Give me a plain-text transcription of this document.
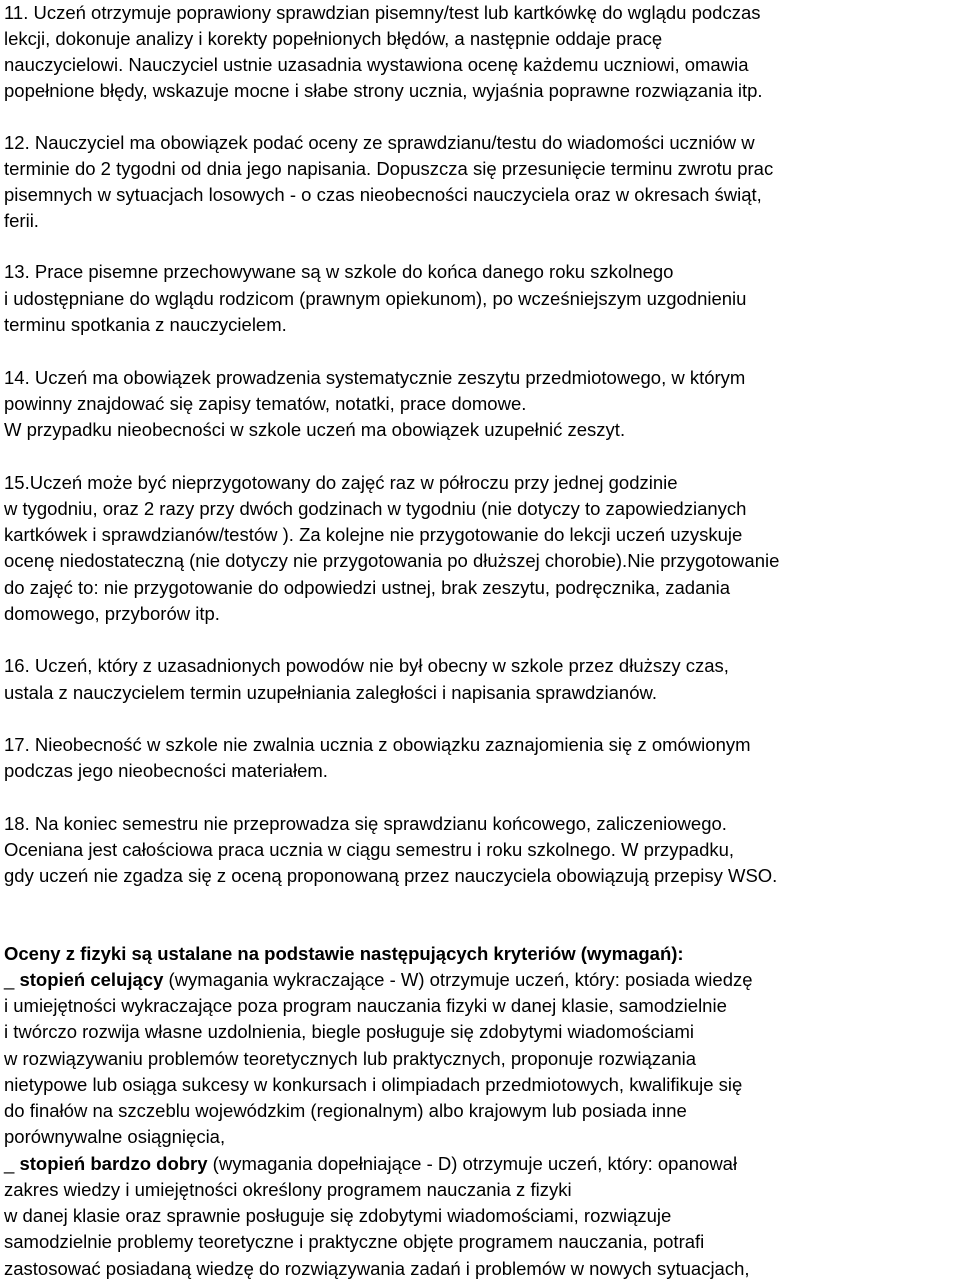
11. Uczeń otrzymuje poprawiony sprawdzian pisemny/test lub kartkówkę do wglądu podczas
lekcji, dokonuje analizy i korekty popełnionych błędów, a następnie oddaje pracę
nauczycielowi. Nauczyciel ustnie uzasadnia wystawiona ocenę każdemu uczniowi, omawia
popełnione błędy, wskazuje mocne i słabe strony ucznia, wyjaśnia poprawne rozwiązania itp.
12. Nauczyciel ma obowiązek podać oceny ze sprawdzianu/testu do wiadomości uczniów w
terminie do 2 tygodni od dnia jego napisania. Dopuszcza się przesunięcie terminu zwrotu prac
pisemnych w sytuacjach losowych - o czas nieobecności nauczyciela oraz w okresach świąt,
ferii.
13. Prace pisemne przechowywane są w szkole do końca danego roku szkolnego
i udostępniane do wglądu rodzicom (prawnym opiekunom), po wcześniejszym uzgodnieniu
terminu spotkania z nauczycielem.
14. Uczeń ma obowiązek prowadzenia systematycznie zeszytu przedmiotowego, w którym
powinny znajdować się zapisy tematów, notatki, prace domowe.
W przypadku nieobecności w szkole uczeń ma obowiązek uzupełnić zeszyt.
15.Uczeń może być nieprzygotowany do zajęć raz w półroczu przy jednej godzinie
w tygodniu, oraz 2 razy przy dwóch godzinach w tygodniu (nie dotyczy to zapowiedzianych
kartkówek i sprawdzianów/testów ). Za kolejne nie przygotowanie do lekcji uczeń uzyskuje
ocenę niedostateczną (nie dotyczy nie przygotowania po dłuższej chorobie).Nie przygotowanie
do zajęć to: nie przygotowanie do odpowiedzi ustnej, brak zeszytu, podręcznika, zadania
domowego, przyborów itp.
16. Uczeń, który z uzasadnionych powodów nie był obecny w szkole przez dłuższy czas,
ustala z nauczycielem termin uzupełniania zaległości i napisania sprawdzianów.
17. Nieobecność w szkole nie zwalnia ucznia z obowiązku zaznajomienia się z omówionym
podczas jego nieobecności materiałem.
18. Na koniec semestru nie przeprowadza się sprawdzianu końcowego, zaliczeniowego.
Oceniana jest całościowa praca ucznia w ciągu semestru i roku szkolnego. W przypadku,
gdy uczeń nie zgadza się z oceną proponowaną przez nauczyciela obowiązują przepisy WSO.
Oceny z fizyki są ustalane na podstawie następujących kryteriów (wymagań):
_ stopień celujący (wymagania wykraczające - W) otrzymuje uczeń, który: posiada wiedzę
i umiejętności wykraczające poza program nauczania fizyki w danej klasie, samodzielnie
i twórczo rozwija własne uzdolnienia, biegle posługuje się zdobytymi wiadomościami
w rozwiązywaniu problemów teoretycznych lub praktycznych, proponuje rozwiązania
nietypowe lub osiąga sukcesy w konkursach i olimpiadach przedmiotowych, kwalifikuje się
do finałów na szczeblu wojewódzkim (regionalnym) albo krajowym lub posiada inne
porównywalne osiągnięcia,
_ stopień bardzo dobry (wymagania dopełniające - D) otrzymuje uczeń, który: opanował
zakres wiedzy i umiejętności określony programem nauczania z fizyki
w danej klasie oraz sprawnie posługuje się zdobytymi wiadomościami, rozwiązuje
samodzielnie problemy teoretyczne i praktyczne objęte programem nauczania, potrafi
zastosować posiadaną wiedzę do rozwiązywania zadań i problemów w nowych sytuacjach,
